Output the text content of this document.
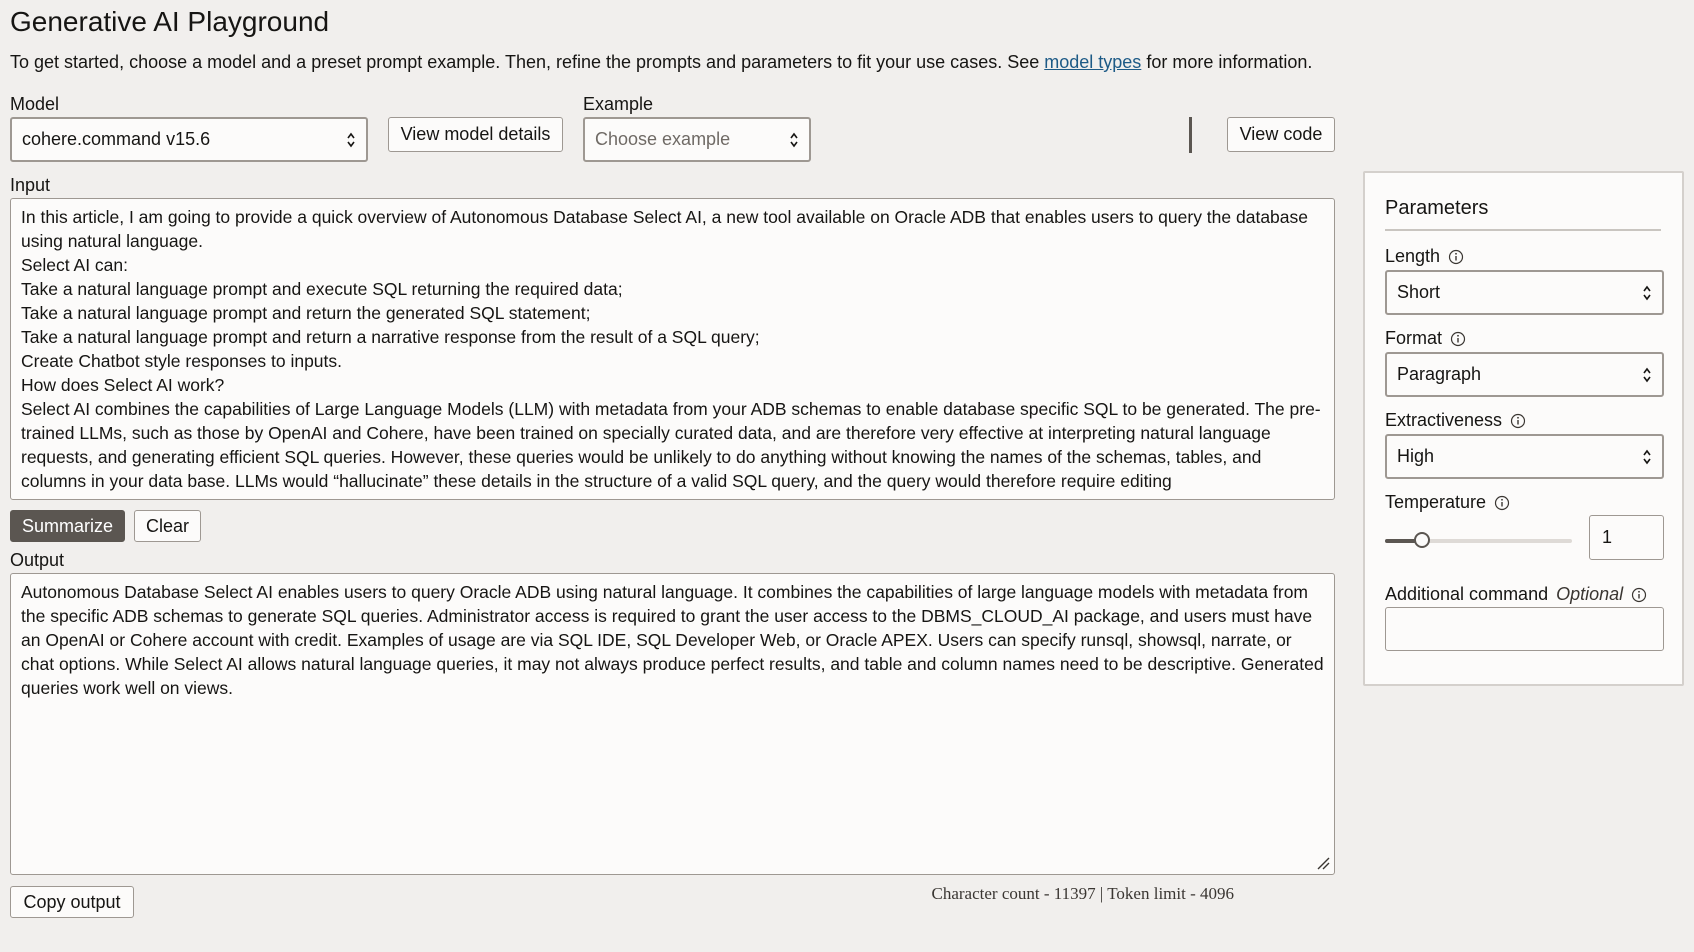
Generative AI Playground
To get started, choose a model and a preset prompt example. Then, refine the prompts and parameters to fit your use cases. See model types for more information.
Model
cohere.command v15.6	View model details
Example
Choose example	View code
Input
In this article, I am going to provide a quick overview of Autonomous Database Select AI, a new tool available on Oracle ADB that enables users to query the database using natural language.
Select AI can:
Take a natural language prompt and execute SQL returning the required data;
Take a natural language prompt and return the generated SQL statement;
Take a natural language prompt and return a narrative response from the result of a SQL query;
Create Chatbot style responses to inputs.
How does Select AI work?
Select AI combines the capabilities of Large Language Models (LLM) with metadata from your ADB schemas to enable database specific SQL to be generated. The pre-trained LLMs, such as those by OpenAI and Cohere, have been trained on specially curated data, and are therefore very effective at interpreting natural language requests, and generating efficient SQL queries. However, these queries would be unlikely to do anything without knowing the names of the schemas, tables, and columns in your data base. LLMs would “hallucinate” these details in the structure of a valid SQL query, and the query would therefore require editing
Summarize	Clear
Output
Autonomous Database Select AI enables users to query Oracle ADB using natural language. It combines the capabilities of large language models with metadata from the specific ADB schemas to generate SQL queries. Administrator access is required to grant the user access to the DBMS_CLOUD_AI package, and users must have an OpenAI or Cohere account with credit. Examples of usage are via SQL IDE, SQL Developer Web, or Oracle APEX. Users can specify runsql, showsql, narrate, or chat options. While Select AI allows natural language queries, it may not always produce perfect results, and table and column names need to be descriptive. Generated queries work well on views.
Copy output	Character count - 11397 | Token limit - 4096
Parameters
Length
Short
Format
Paragraph
Extractiveness
High
Temperature
1
Additional command Optional
